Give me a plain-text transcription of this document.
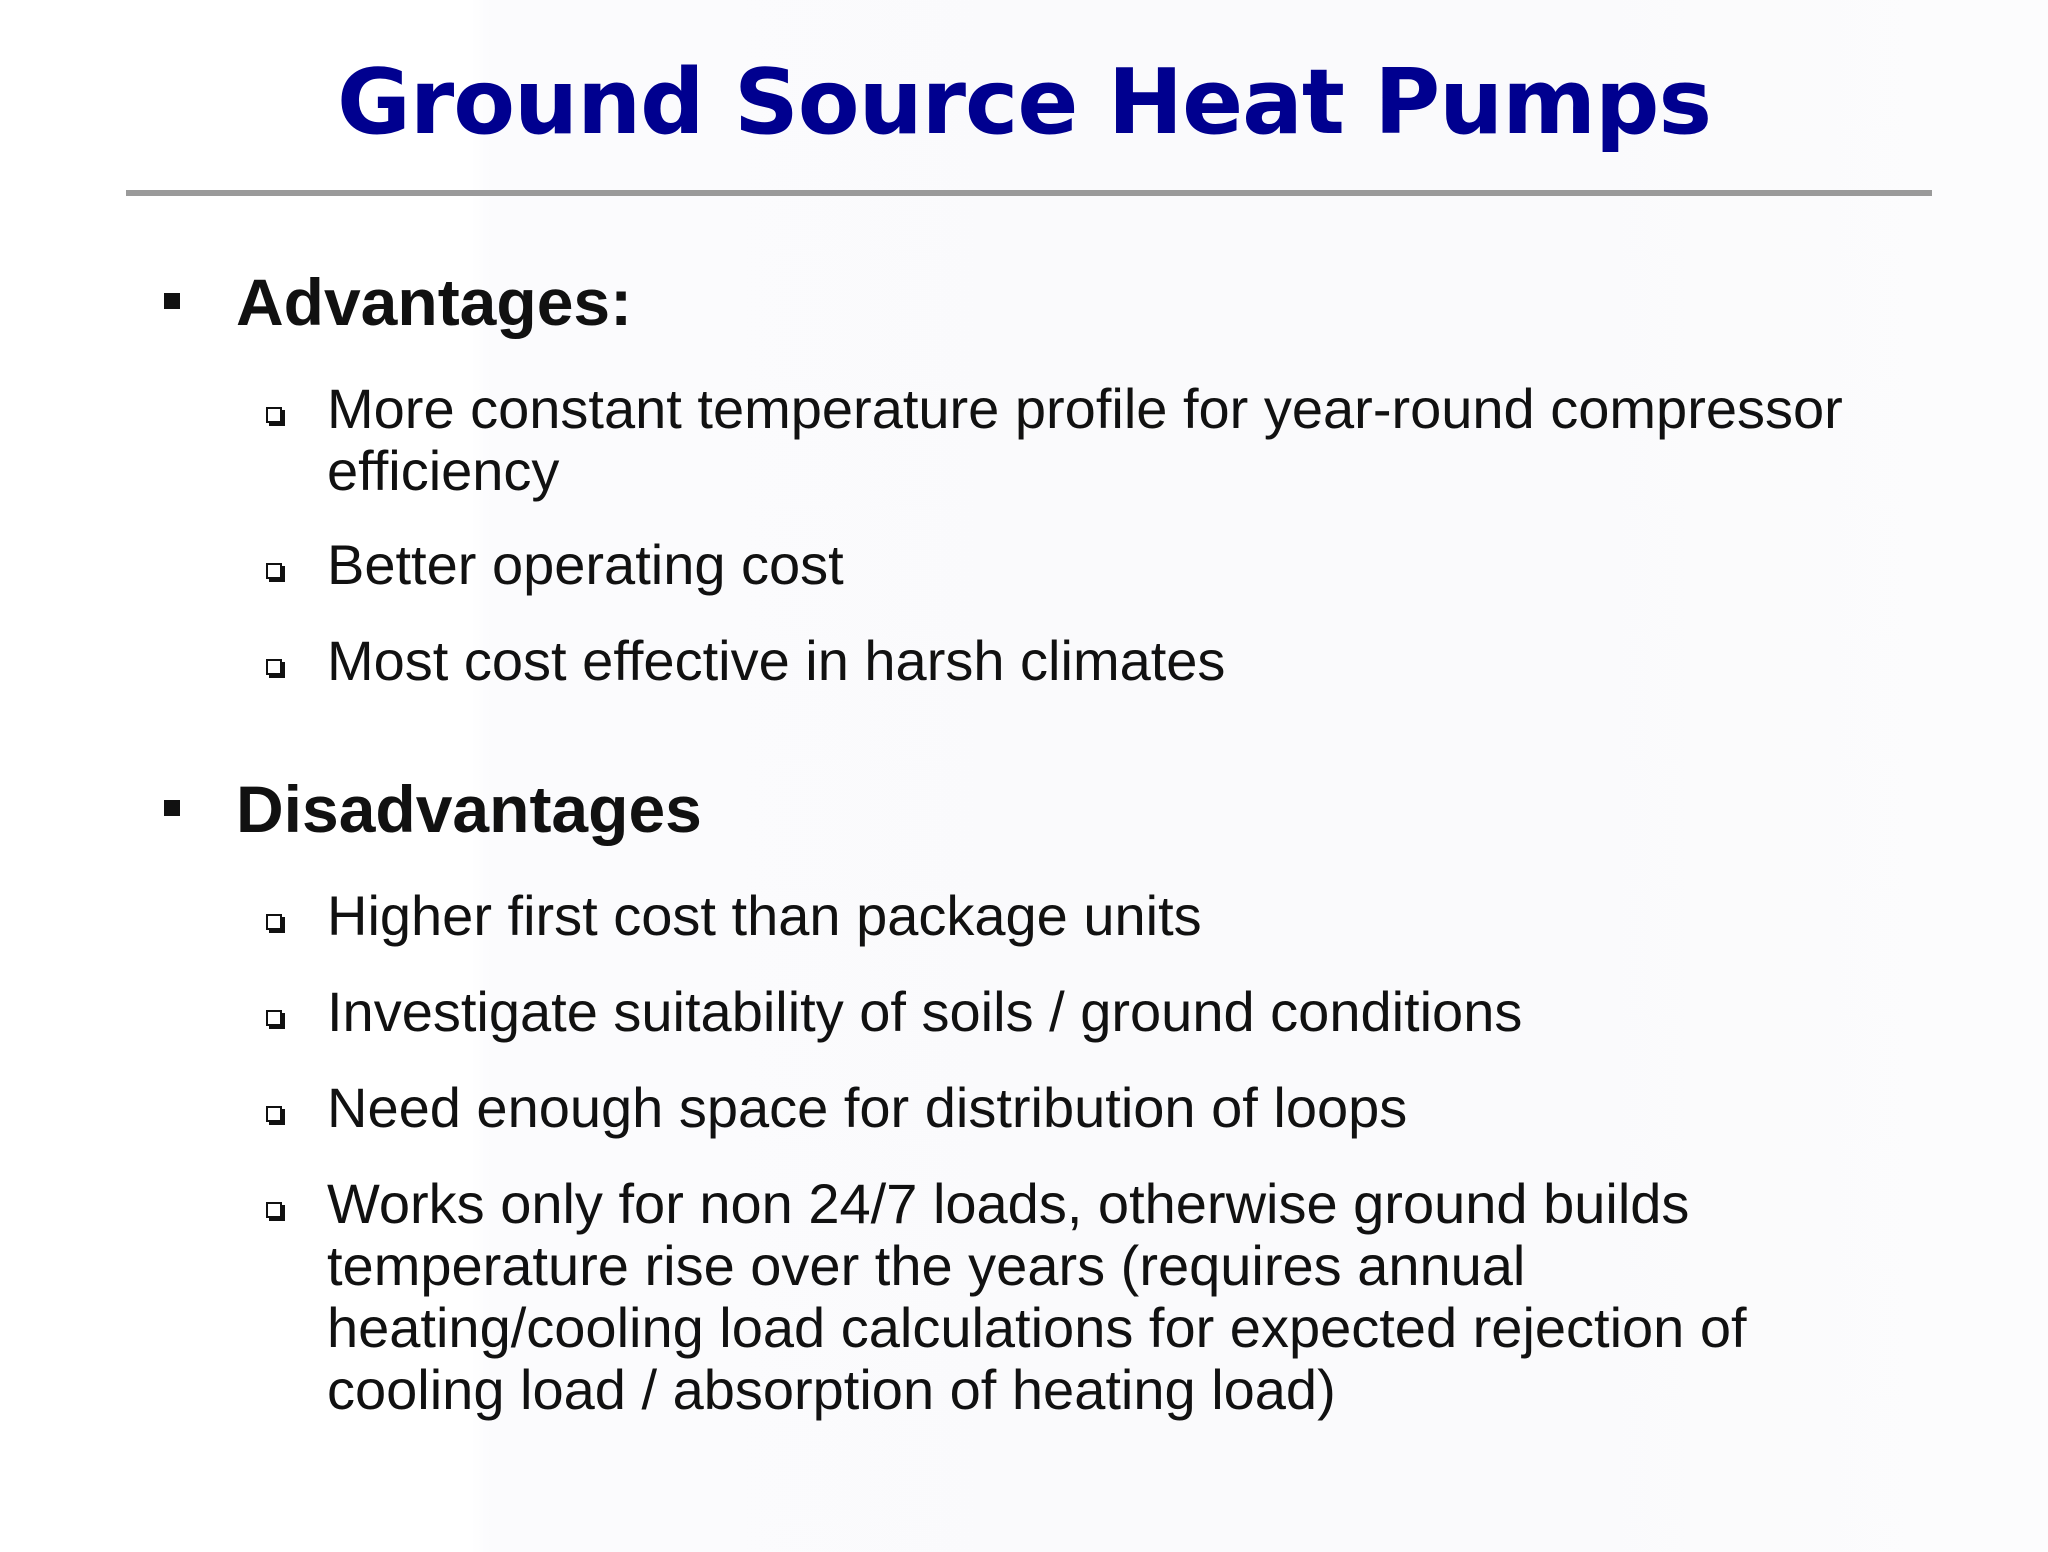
Ground Source Heat Pumps
Advantages:
More constant temperature profile for year-round compressor efficiency
Better operating cost
Most cost effective in harsh climates
Disadvantages
Higher first cost than package units
Investigate suitability of soils / ground conditions
Need enough space for distribution of loops
Works only for non 24/7 loads, otherwise ground builds temperature rise over the years (requires annual heating/cooling load calculations for expected rejection of cooling load / absorption of heating load)
